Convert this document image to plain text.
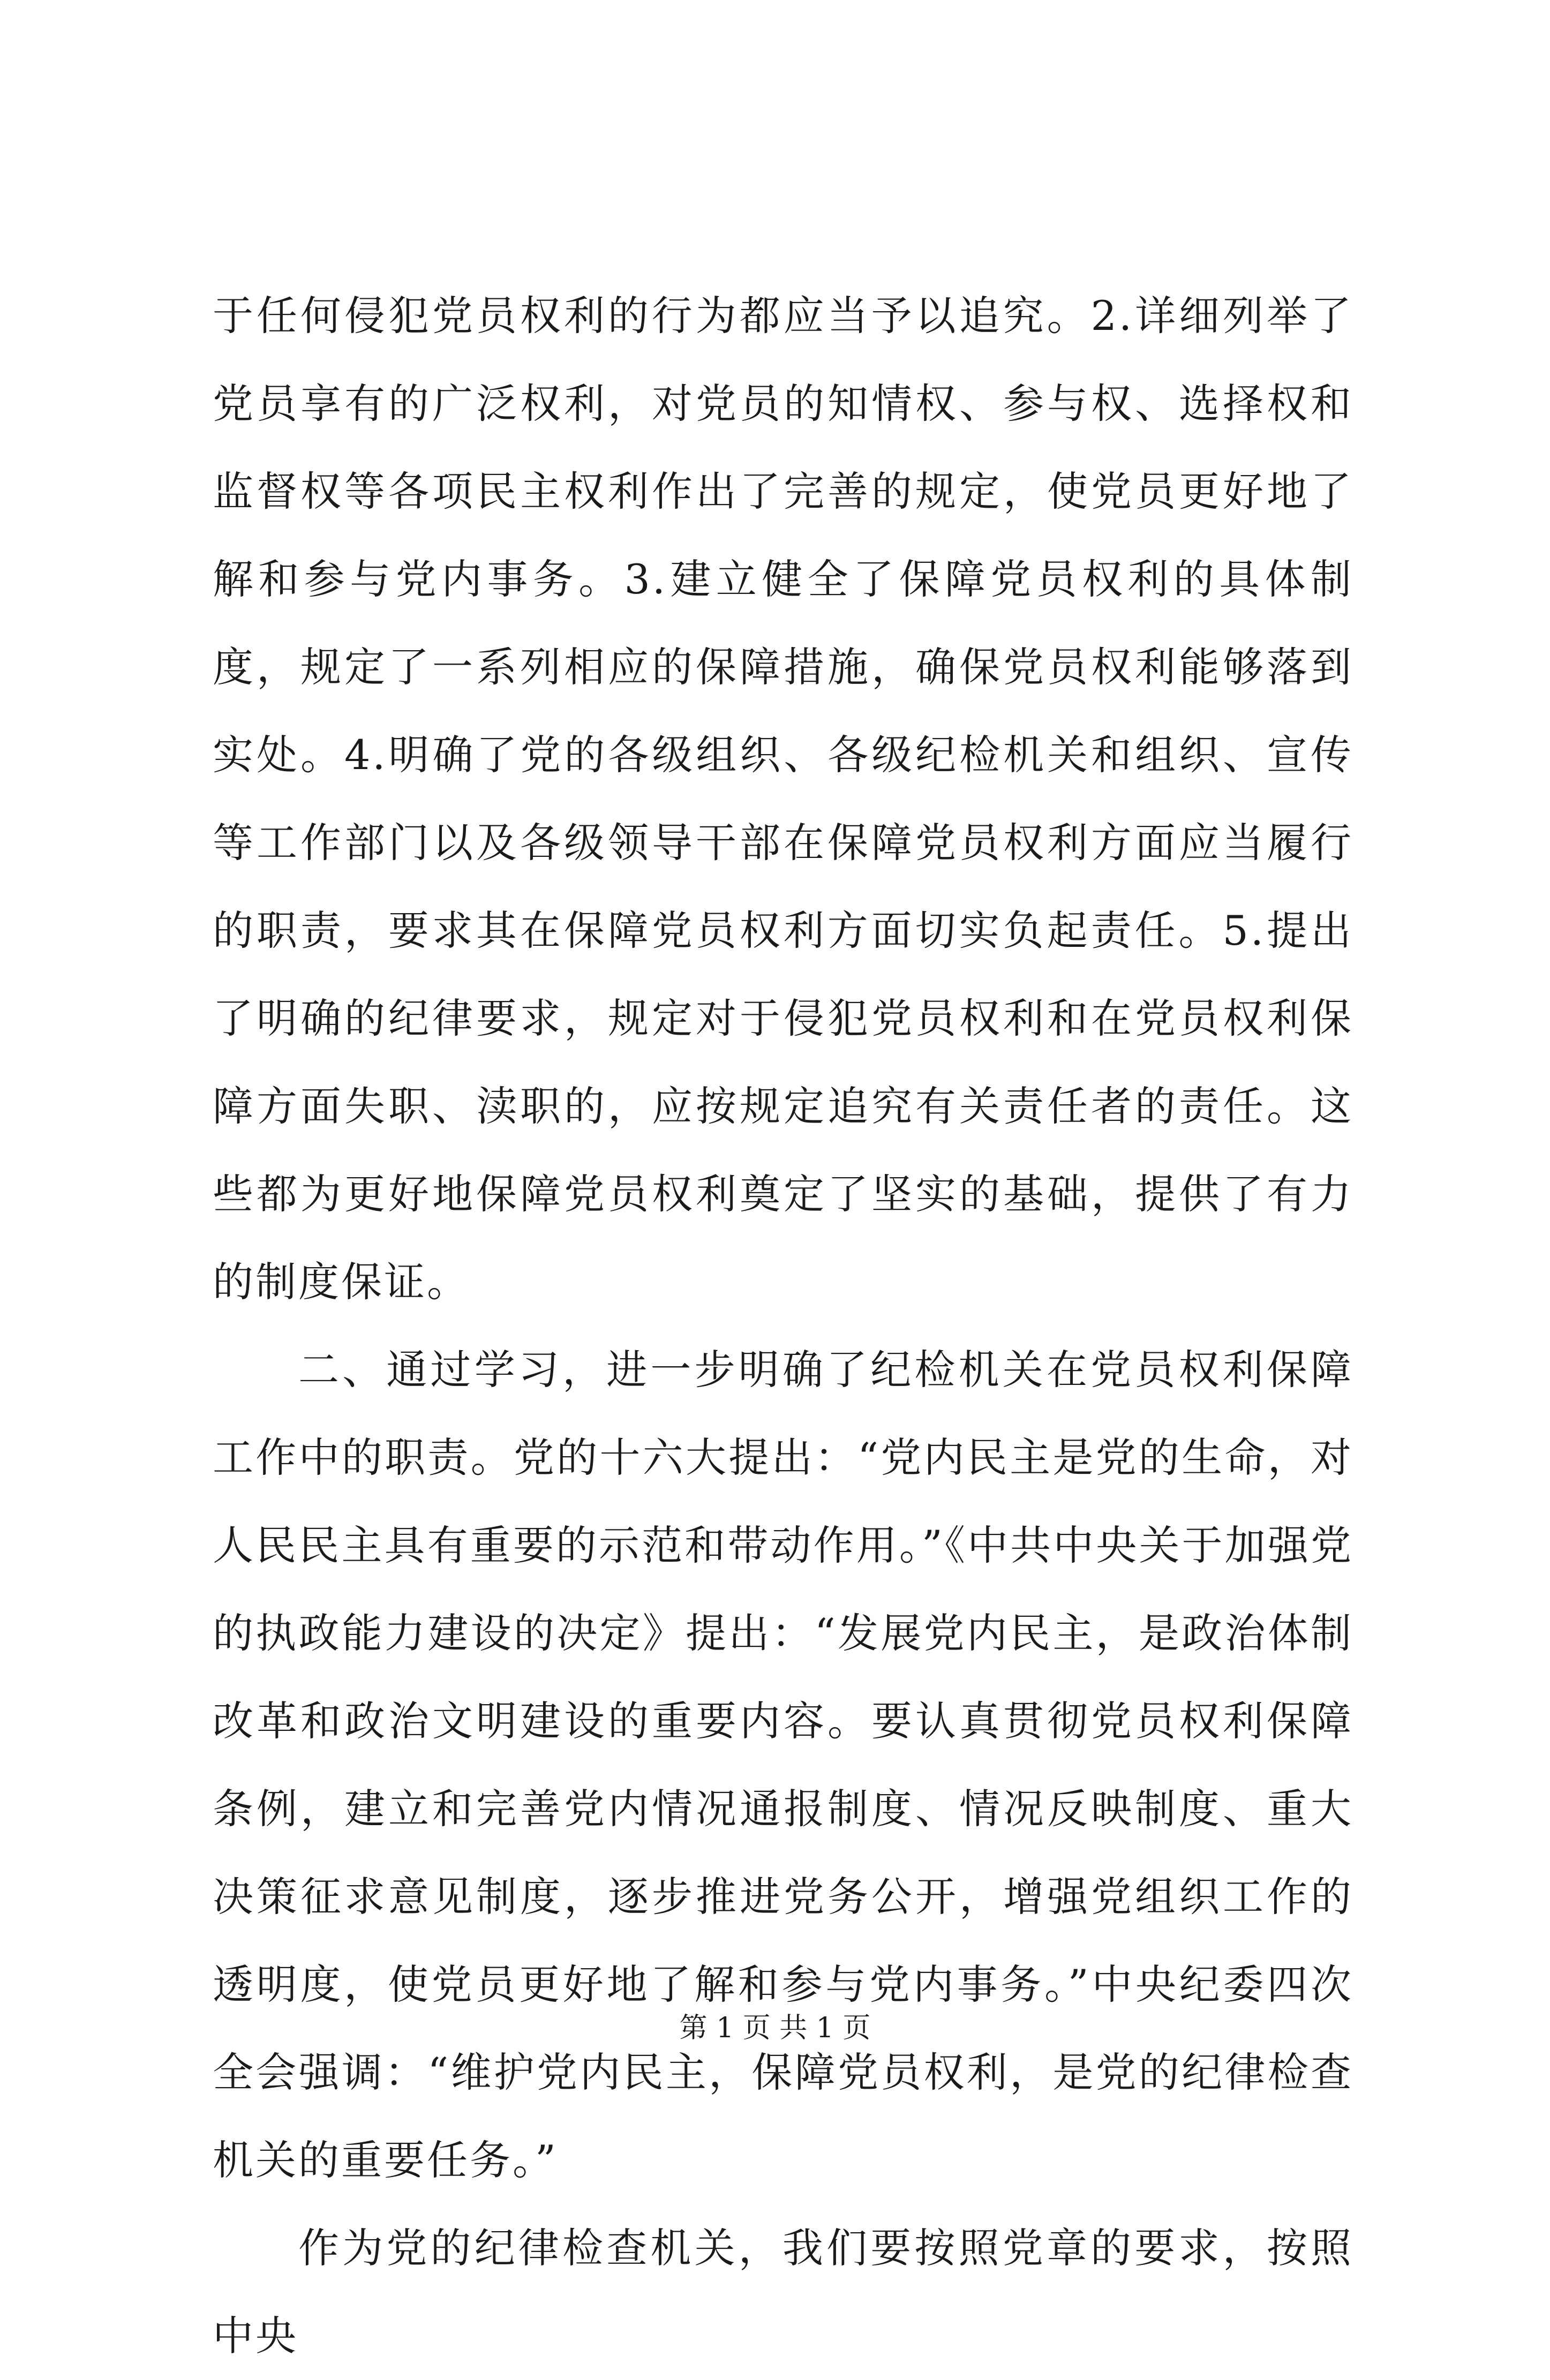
于任何侵犯党员权利的行为都应当予以追究。2.详细列举了党员享有的广泛权利，对党员的知情权、参与权、选择权和监督权等各项民主权利作出了完善的规定，使党员更好地了解和参与党内事务。3.建立健全了保障党员权利的具体制度，规定了一系列相应的保障措施，确保党员权利能够落到实处。4.明确了党的各级组织、各级纪检机关和组织、宣传等工作部门以及各级领导干部在保障党员权利方面应当履行的职责，要求其在保障党员权利方面切实负起责任。5.提出了明确的纪律要求，规定对于侵犯党员权利和在党员权利保障方面失职、渎职的，应按规定追究有关责任者的责任。这些都为更好地保障党员权利奠定了坚实的基础，提供了有力的制度保证。

二、通过学习，进一步明确了纪检机关在党员权利保障工作中的职责。党的十六大提出：“党内民主是党的生命，对人民民主具有重要的示范和带动作用。”《中共中央关于加强党的执政能力建设的决定》提出：“发展党内民主，是政治体制改革和政治文明建设的重要内容。要认真贯彻党员权利保障条例，建立和完善党内情况通报制度、情况反映制度、重大决策征求意见制度，逐步推进党务公开，增强党组织工作的透明度，使党员更好地了解和参与党内事务。”中央纪委四次全会强调：“维护党内民主，保障党员权利，是党的纪律检查机关的重要任务。”

作为党的纪律检查机关，我们要按照党章的要求，按照中央

第 1 页 共 1 页
